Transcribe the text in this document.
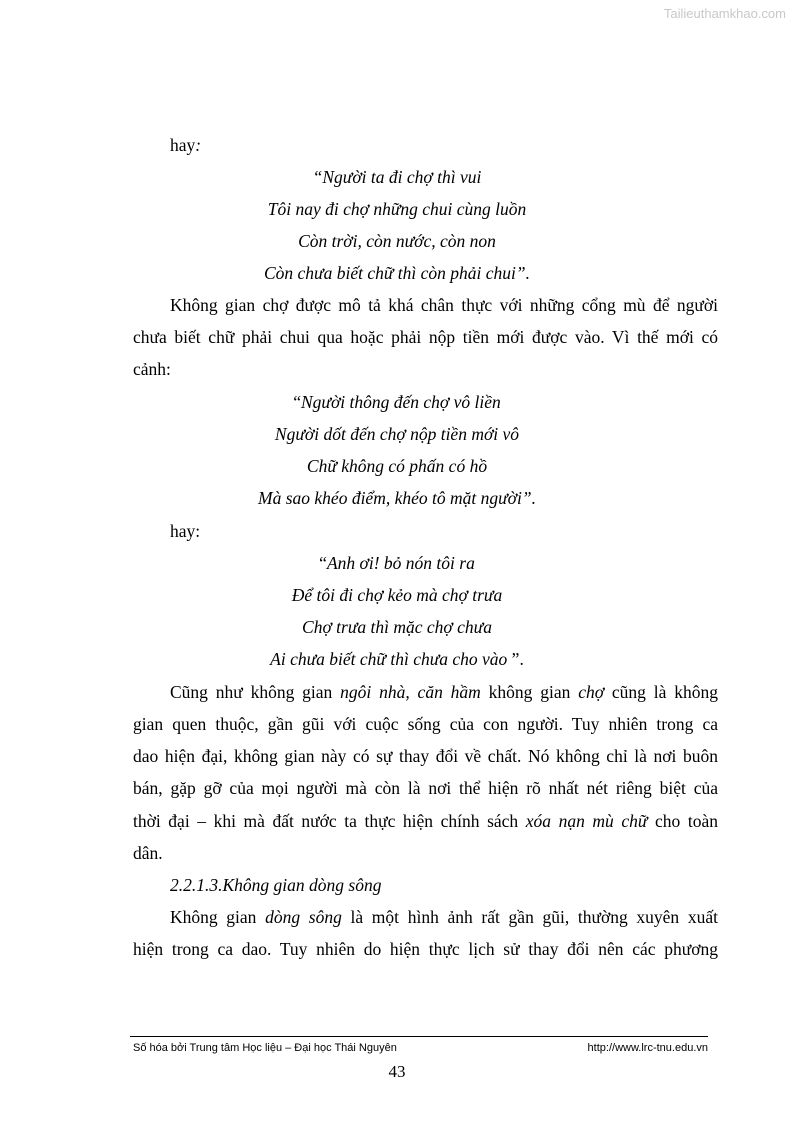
Tailieuthamkhao.com
hay:
“Người ta đi chợ thì vui
Tôi nay đi chợ những chui cùng luồn
Còn trời, còn nước, còn non
Còn chưa biết chữ thì còn phải chui”.
Không gian chợ được mô tả khá chân thực với những cổng mù để người
chưa biết chữ phải chui qua hoặc phải nộp tiền mới được vào. Vì thế mới có
cảnh:
“Người thông đến chợ vô liền
Người dốt đến chợ nộp tiền mới vô
Chữ không có phấn có hồ
Mà sao khéo điểm, khéo tô mặt người”.
hay:
“Anh ơi! bỏ nón tôi ra
Để tôi đi chợ kẻo mà chợ trưa
Chợ trưa thì mặc chợ chưa
Ai chưa biết chữ thì chưa cho vào ”.
Cũng như không gian ngôi nhà, căn hầm không gian chợ cũng là không
gian quen thuộc, gần gũi với cuộc sống của con người. Tuy nhiên trong ca
dao hiện đại, không gian này có sự thay đổi về chất. Nó không chỉ là nơi buôn
bán, gặp gỡ của mọi người mà còn là nơi thể hiện rõ nhất nét riêng biệt của
thời đại – khi mà đất nước ta thực hiện chính sách xóa nạn mù chữ cho toàn
dân.
2.2.1.3.Không gian dòng sông
Không gian dòng sông là một hình ảnh rất gần gũi, thường xuyên xuất
hiện trong ca dao. Tuy nhiên do hiện thực lịch sử thay đổi nên các phương
Số hóa bởi Trung tâm Học liệu – Đại học Thái Nguyên	http://www.lrc-tnu.edu.vn
43
